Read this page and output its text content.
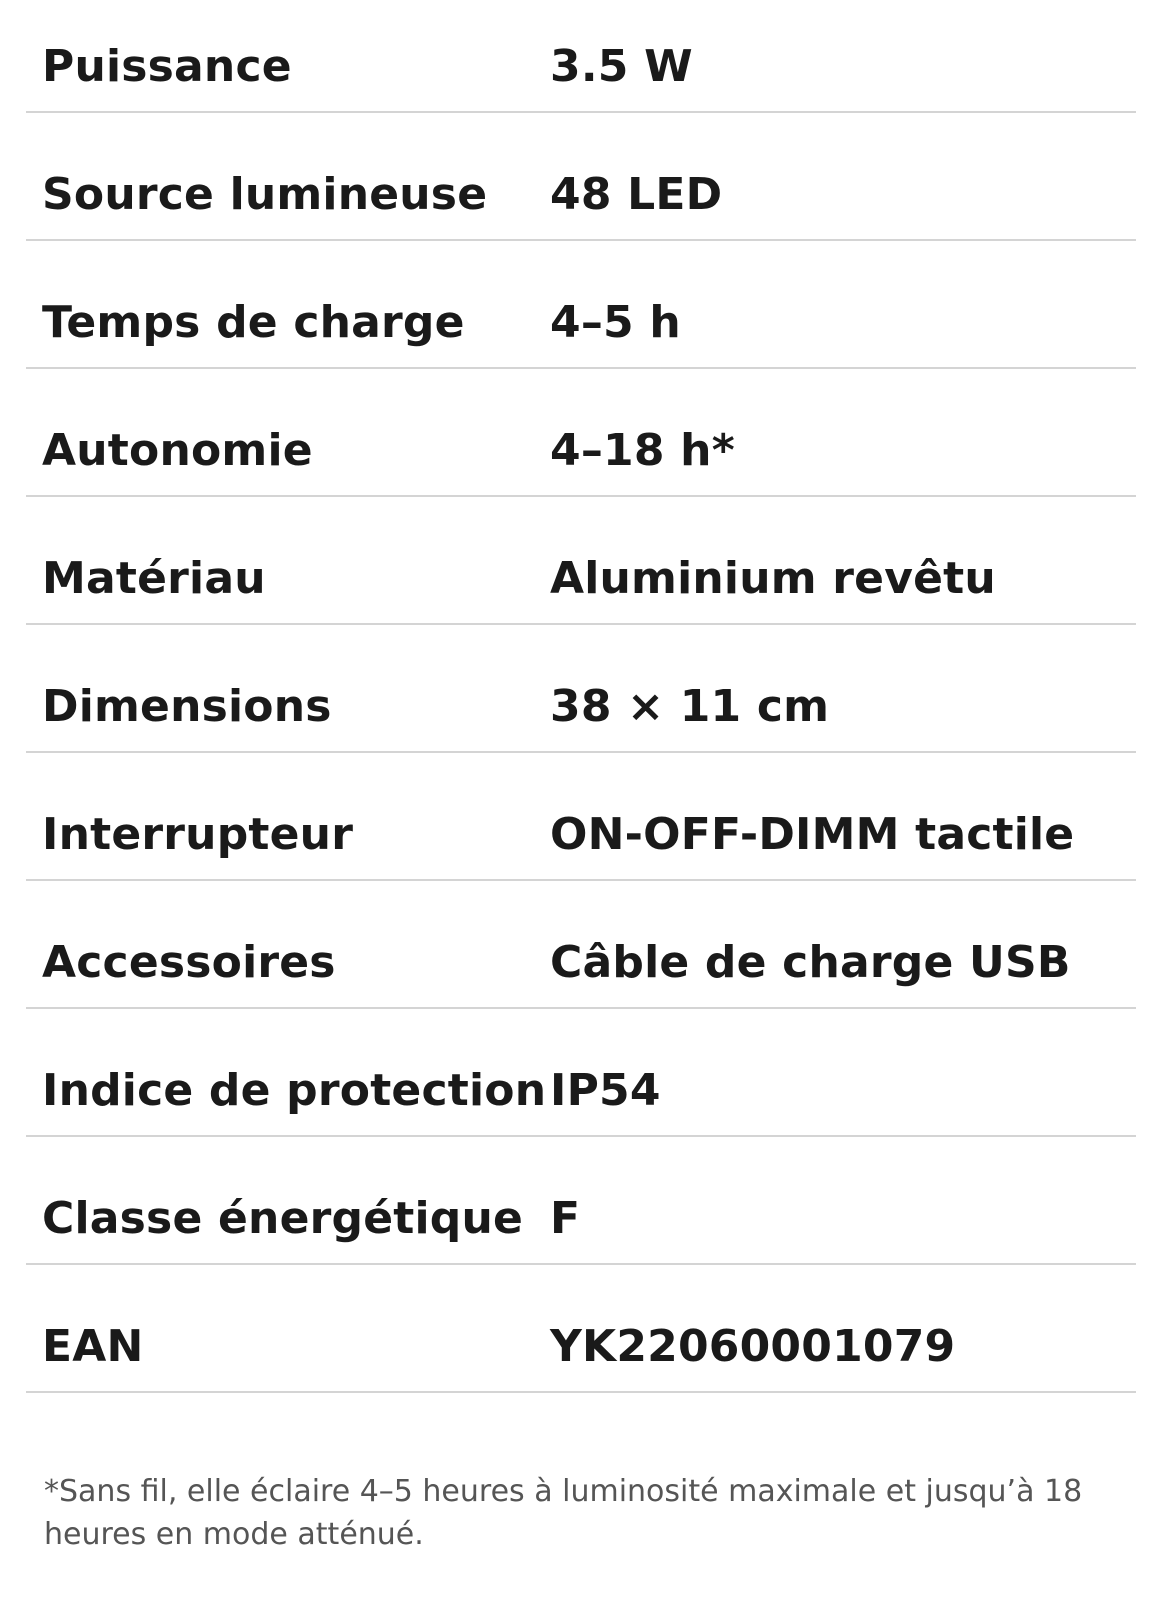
Puissance	3.5 W
Source lumineuse 48 LED
Temps de charge 4–5 h
Autonomie	4–18 h*
Matériau	Aluminium revêtu
Dimensions	38 × 11 cm
Interrupteur	ON-OFF-DIMM tactile
Accessoires	Câble de charge USB
Indice de protection IP54
Classe énergétique F
EAN	YK22060001079
*Sans fil, elle éclaire 4–5 heures à luminosité maximale et jusqu’à 18 heures en mode atténué.
